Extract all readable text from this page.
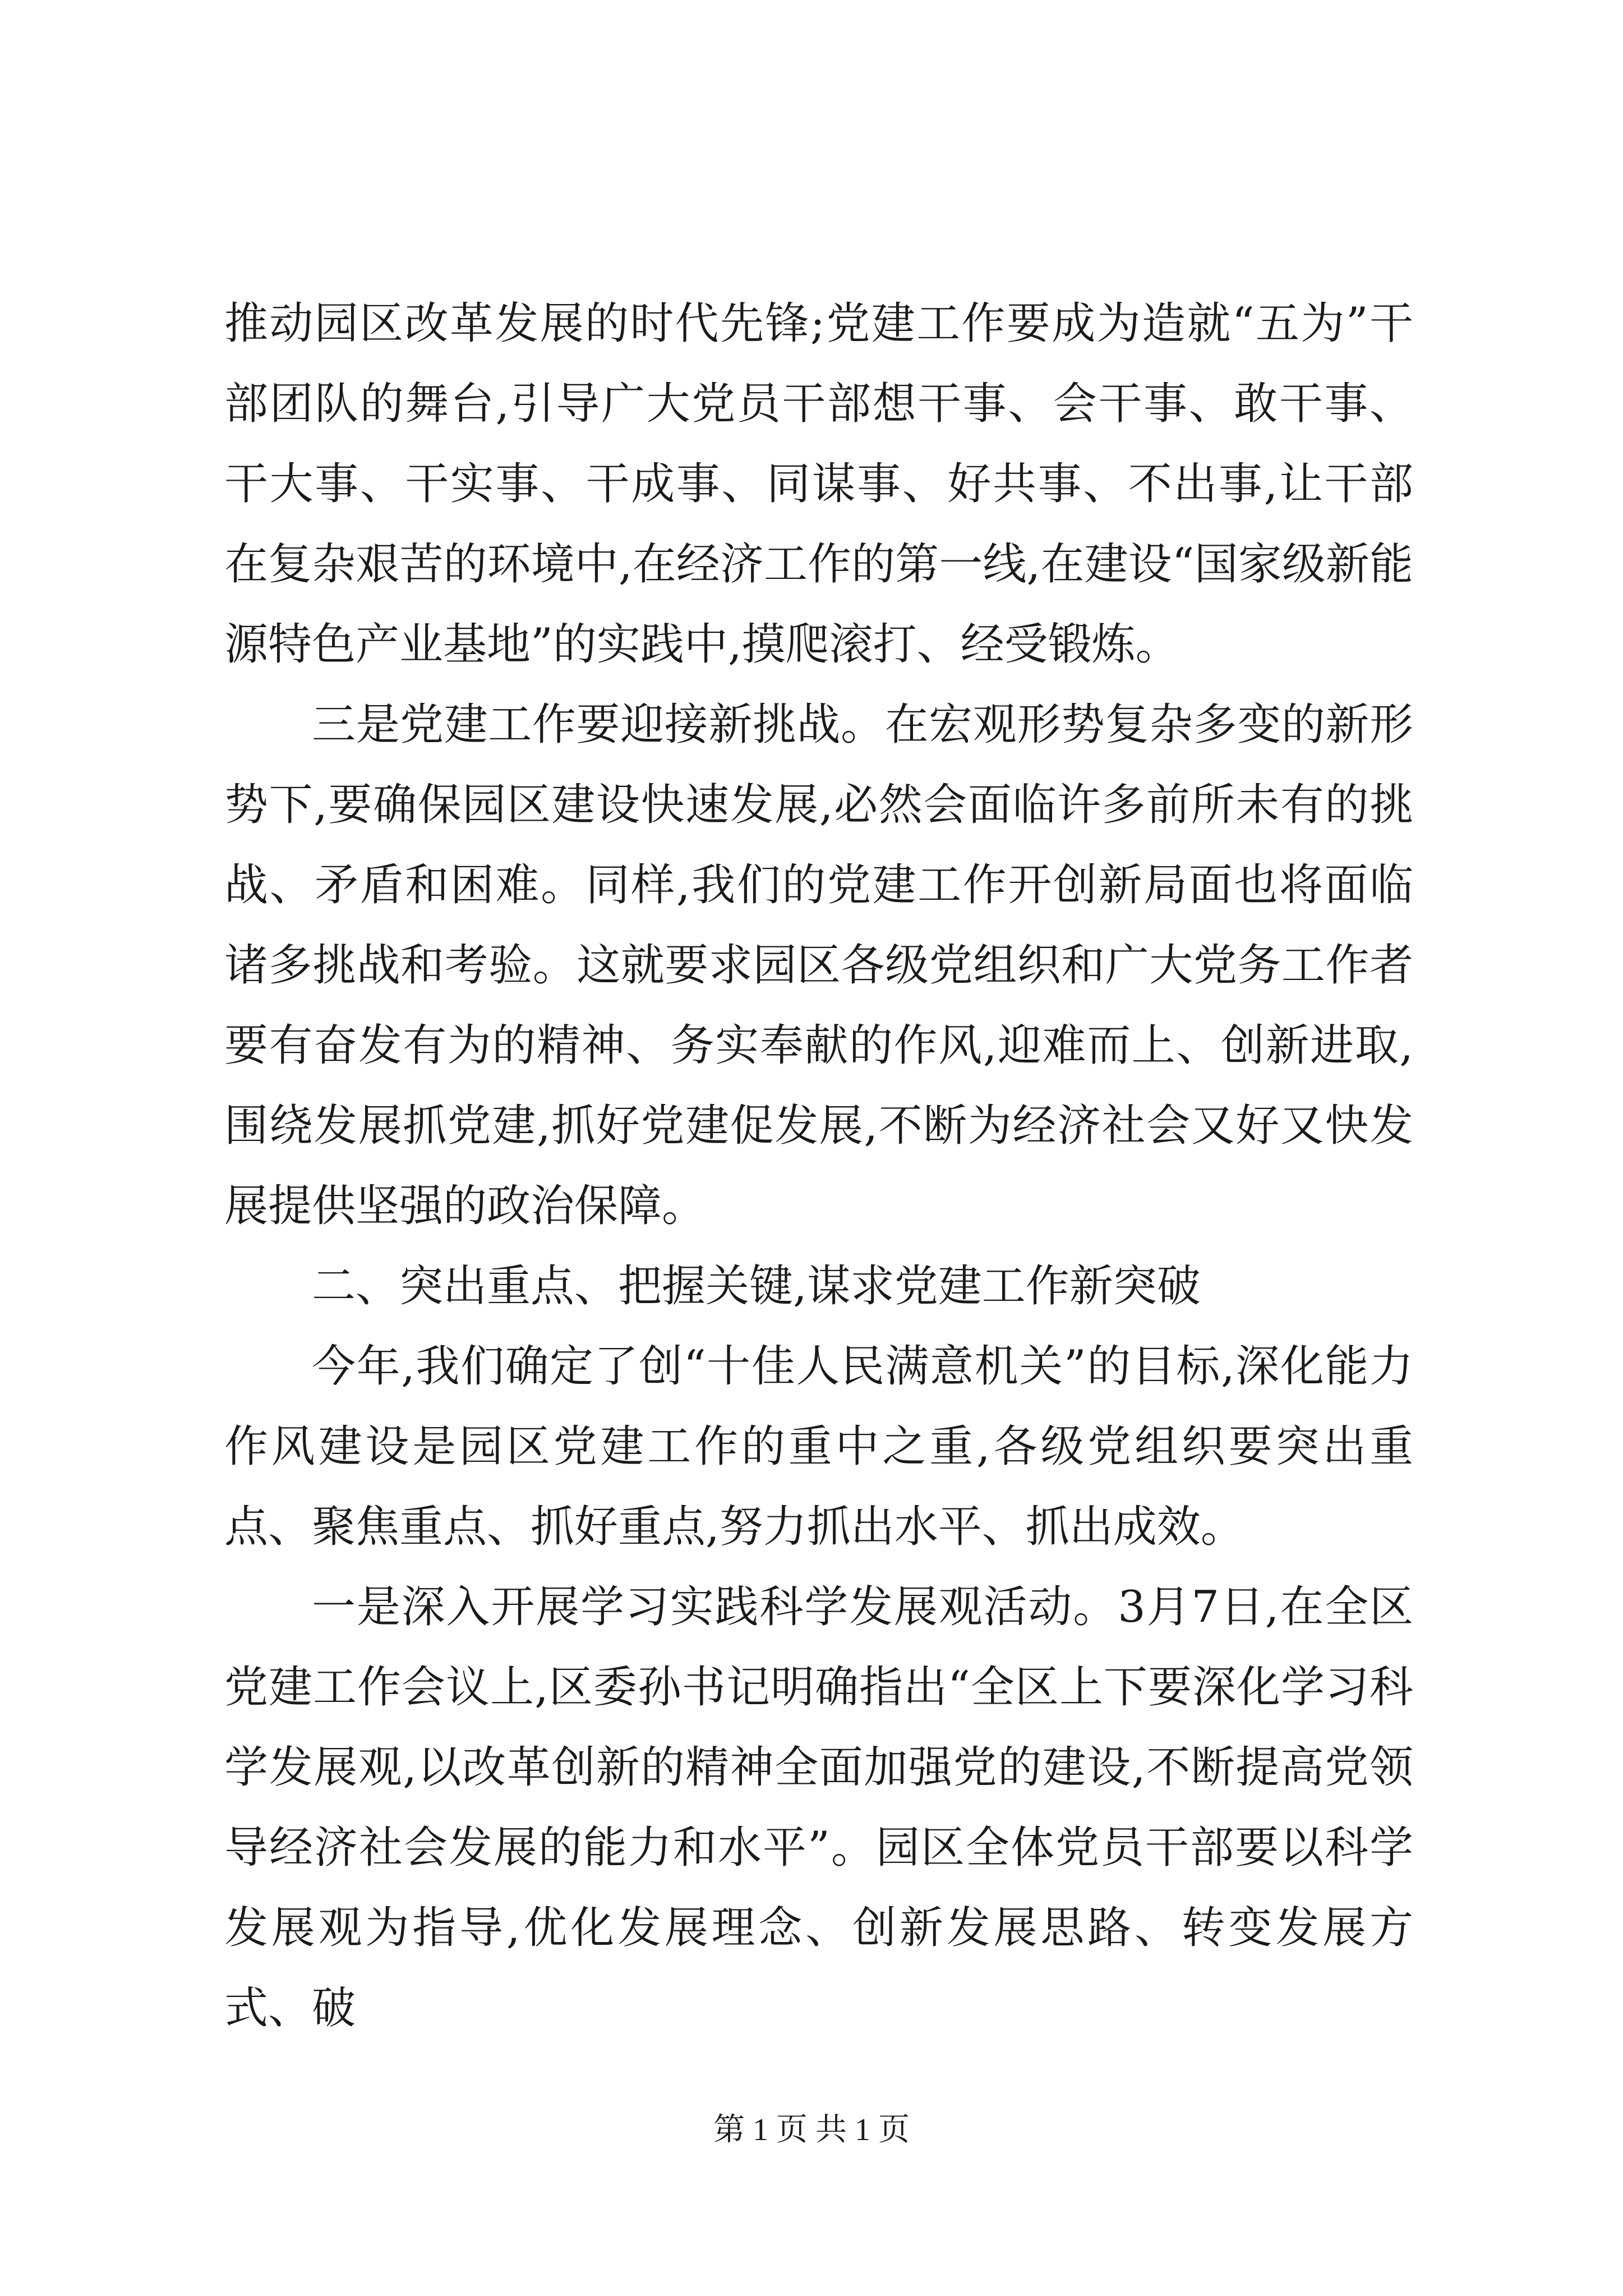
推动园区改革发展的时代先锋;党建工作要成为造就“五为”干部团队的舞台,引导广大党员干部想干事、会干事、敢干事、干大事、干实事、干成事、同谋事、好共事、不出事,让干部在复杂艰苦的环境中,在经济工作的第一线,在建设“国家级新能源特色产业基地”的实践中,摸爬滚打、经受锻炼。

三是党建工作要迎接新挑战。在宏观形势复杂多变的新形势下,要确保园区建设快速发展,必然会面临许多前所未有的挑战、矛盾和困难。同样,我们的党建工作开创新局面也将面临诸多挑战和考验。这就要求园区各级党组织和广大党务工作者要有奋发有为的精神、务实奉献的作风,迎难而上、创新进取,围绕发展抓党建,抓好党建促发展,不断为经济社会又好又快发展提供坚强的政治保障。

二、突出重点、把握关键,谋求党建工作新突破

今年,我们确定了创“十佳人民满意机关”的目标,深化能力作风建设是园区党建工作的重中之重,各级党组织要突出重点、聚焦重点、抓好重点,努力抓出水平、抓出成效。

一是深入开展学习实践科学发展观活动。3月7日,在全区党建工作会议上,区委孙书记明确指出“全区上下要深化学习科学发展观,以改革创新的精神全面加强党的建设,不断提高党领导经济社会发展的能力和水平”。园区全体党员干部要以科学发展观为指导,优化发展理念、创新发展思路、转变发展方式、破

第 1 页 共 1 页
